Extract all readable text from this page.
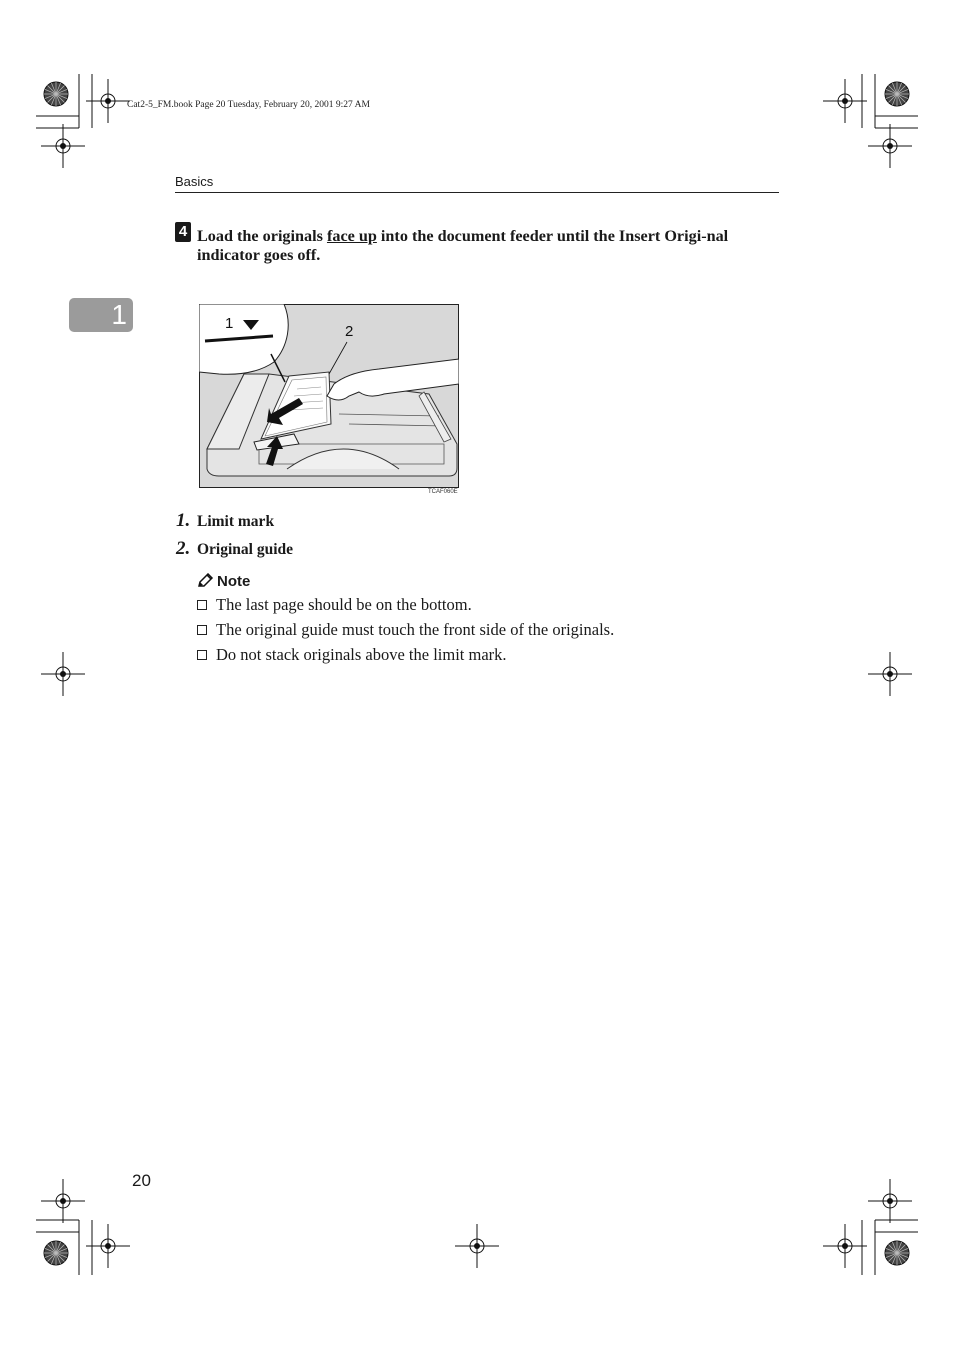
Cat2-5_FM.book Page 20 Tuesday, February 20, 2001 9:27 AM
Basics
1
4 Load the originals face up into the document feeder until the Insert Origi-nal indicator goes off.
1	2
TCAF060E
1. Limit mark
2. Original guide
Note
The last page should be on the bottom.
The original guide must touch the front side of the originals.
Do not stack originals above the limit mark.
20
